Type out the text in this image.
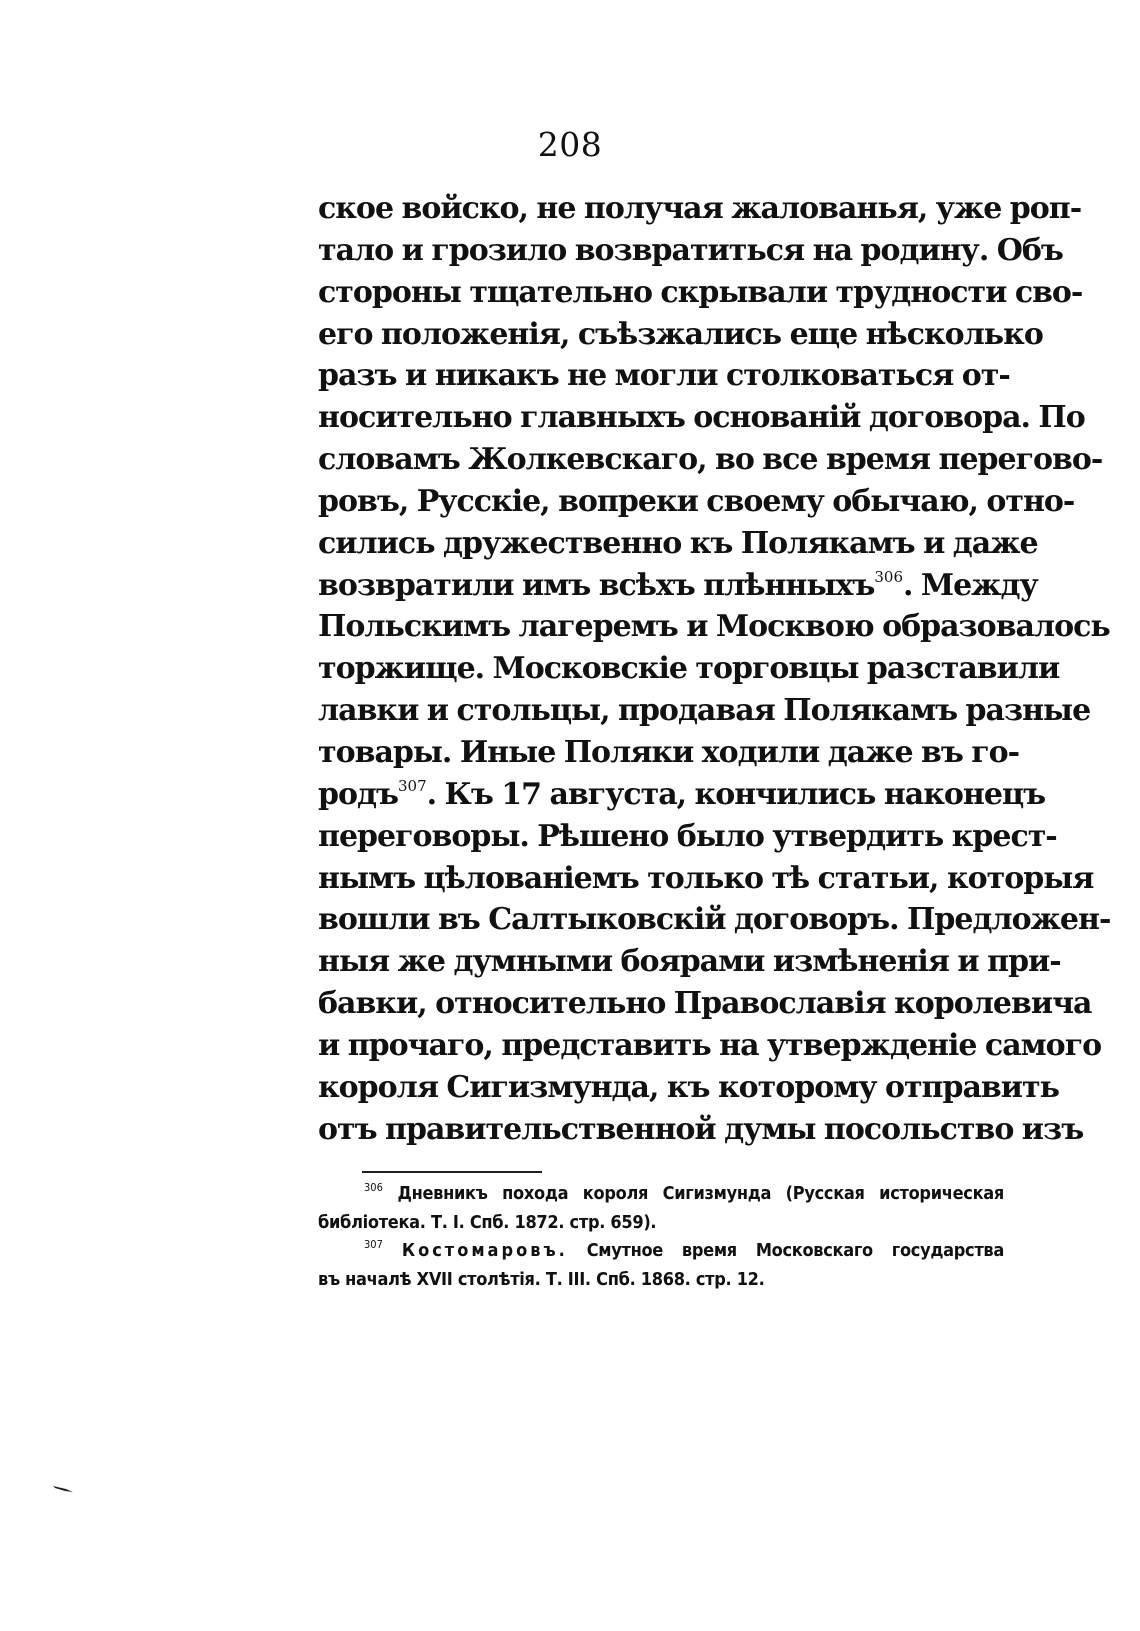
208
ское войско, не получая жалованья, уже роп-
тало и грозило возвратиться на родину. Объ
стороны тщательно скрывали трудности сво-
его положенія, съѣзжались еще нѣсколько
разъ и никакъ не могли столковаться от-
носительно главныхъ основаній договора. По
словамъ Жолкевскаго, во все время перегово-
ровъ, Русскіе, вопреки своему обычаю, отно-
сились дружественно къ Полякамъ и даже
возвратили имъ всѣхъ плѣнныхъ$^{306}$. Между
Польскимъ лагеремъ и Москвою образовалось
торжище. Московскіе торговцы разставили
лавки и стольцы, продавая Полякамъ разные
товары. Иные Поляки ходили даже въ го-
родъ$^{307}$. Къ 17 августа, кончились наконецъ
переговоры. Рѣшено было утвердить крест-
нымъ цѣлованіемъ только тѣ статьи, которыя
вошли въ Салтыковскій договоръ. Предложен-
ныя же думными боярами измѣненія и при-
бавки, относительно Православія королевича
и прочаго, представить на утвержденіе самого
короля Сигизмунда, къ которому отправить
отъ правительственной думы посольство изъ
$^{306}$ Дневникъ похода короля Сигизмунда (Русская историческая
библіотека. Т. I. Спб. 1872. стр. 659).
$^{307}$ Костомаровъ. Смутное время Московскаго государства
въ началѣ XVII столѣтія. Т. III. Спб. 1868. стр. 12.
